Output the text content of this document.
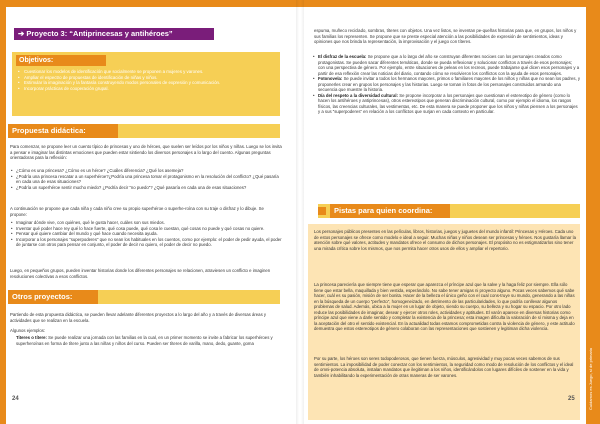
➔ Proyecto 3: “Antiprincesas y antihéroes”
Objetivos:
• Cuestionar los modelos de identificación que socialmente se proponen a mujeres y varones.
• Ampliar el espectro de propuestas de identificación de niñas y niños.
• Estimular la imaginación y la fantasía construyendo modos personales de expresión y comunicación.
• Incorporar prácticas de cooperación grupal.
Propuesta didáctica:

Para comenzar, se propone leer un cuento típico de princesas y uno de héroes, que suelen ser leídos por los niños y niñas. Luego se los invita a pensar e imaginar las distintas emociones que pueden estar sintiendo los diversos personajes a lo largo del cuento. Algunas preguntas orientadoras para la reflexión:

• ¿Cómo es una princesa? ¿Cómo es un héroe? ¿Cuáles diferencia? ¿Qué los asemeja?
• ¿Podría una princesa rescatar a un superhéroe?¿Podría una princesa tomar el protagonismo en la resolución del conflicto? ¿Qué pasaría en cada una de esas situaciones?
• ¿Podría un superhéroe sentir mucho miedo? ¿Podría decir “no puedo”? ¿Qué pasaría en cada una de esas situaciones?

A continuación se propone que cada niña y cada niño cree su propio superhéroe o superhe-roína con su traje o disfraz y lo dibuje. Se propone:

• Imaginar dónde vive, con quiénes, qué le gusta hacer, cuáles son sus miedos.
• Inventar qué poder hace rey qué lo hace fuerte, qué cosa puede, qué cosa le cuestan, qué cosas no puede y qué cosas no quiere.
• Pensar qué quiere cambiar del mundo y qué hace cuando necesita ayuda.
• Incorporar a los personajes “superpoderes” que no sean los habituales en los cuentos, como por ejemplo: el poder de pedir ayuda, el poder de juntarse con otros para pensar en conjunto, el poder de decir no quiero, el poder de decir no puedo.

Luego, en pequeños grupos, pueden inventar historias donde los diferentes personajes se relacionen, atraviesen un conflicto e imaginen resoluciones colectivas a esos conflictos.

Otros proyectos:

Partiendo de esta propuesta didáctica, se pueden llevar adelante diferentes proyectos a lo largo del año y a través de diversas áreas y actividades que se realizan en la escuela.

Algunos ejemplos:

Titeres o títere: Se puede realizar una jornada con las familias en la cual, en un primer momento se invite a fabricar los superhéroes y superheroínas en forma de títere junto a las niñas y niños del curso. Pueden ser títeres de varilla, mano, dedo, guante, goma

24	Cuidarnos es Juego, sí de primaria

espuma, muñeco reciclado, sombras, títeres con objetos. Una vez listos, se inventan pe-queñas historias para que, en grupos, los niños y sus familias los representen. Se propone que se preste especial atención a las posibilidades de expresión de sentimientos, ideas y opiniones que nos brinda la representación, la improvisación y el juego con títeres.

• El disfraz de la escuela: Se propone que a lo largo del año se construyan diferentes nocioes con los personajes creados como protagonistas. Se pueden sacar diferentes temáticas, donde se pueda reflexionar y solucionar conflictos a través de esos personajes; con una perspectiva de género. Por ejemplo, entre situaciones de peleas en los recreos, puede trabajarse qué dicen esos personajes y a partir de esa reflexión crear las noticias del diario, contando cómo se resolvieron los conflictos con la ayuda de esos personajes.
• Fotonovela: Se puede invitar a todos los hermanos mayores, primos o familiares mayores de los niños y niñas que no sean los padres, y proponerles crear en grupos los personajes y las historias. Luego se toman in fotos de los personajes construidos armando una secuencia que muestre la historia.
• Día del respeto a la diversidad cultural: Se propone incorporar a los personajes que cuestionan el estereotipo de género (como lo hacen los antihéroes y antiprincesas), otros estereotipos que generan discriminación cultural, como por ejemplo el idioma, los rasgos físicos, las creencias culturales, las vestimentas, etc. De esta manera se puede proponer que los niños y niñas piensen a los personajes y a sus “superpoderes” en relación a los conflictos que surjan en cada contexto en particular.
Pistas para quien coordina:

Los personajes públicos presentes en las películas, libros, historias, juegos y juguetes del mundo infantil: Princesas y Héroes. Cada uno de estos personajes se ofrece como modelo e ideal a seguir. Muchas niñas y niños desean ser princesas y héroes. Nos gustaría llamar la atención sobre qué valores, actitudes y mandatos ofrece el consumo de dichos personajes. El propósito no es estigmatizarlos sino tener una mirada crítica sobre los mismos, que nos permita hacer otros usos de ellos y ampliar el repertorio.

La princesa pareciería que siempre tiene que esperar que aparezca el príncipe azul que la salve y la haga feliz por siempre. Ella sólo tiene que estar bella, maquillada y bien vestida, esperándolo. No sabe tener amigas ni proyecto alguno. Pocas veces sabemos qué sabe hacer, cuál es su pasión, misión de ser bonita. Hacer de la belleza el único geño con el cual cons-truye su mundo, generando a las niñas en la búsqueda de un cuerpo “perfecto”, homogeneizado, en detrimento de las particularidades, lo que podría conllevar algunos problemas de salud. Además, ubica a la mujer en un lugar de objeto, siendo su cuerpo, su belleza y su hogar su espacio. Por otro lado reduce las posibilidades de imaginar, desear y ejercer otros roles, actividades y aptitudes. El varón aparece en diversas historias como príncipe azul que viene a darle sentido y completar la existencia de la princesa; esta imagen dificulta la valoración de sí misma y deja en la aceptación del otro el sentido existencial. En la actualidad todas estamos comprometidas contra la violencia de género, y este actitudo demuestra que estos estereotipos de género colaboran con las representaciones que sostienen y legitiman dicha violencia.

Por su parte, los héroes son seres todopoderosos, que tienen fuerza, músculos, agresividad y muy pocas veces sabemos de sus sentimientos. La imposibilidad de poder conectar con los sentimientos, la seguridad como modo de resolución de los conflictos y el ideal de omni-potencia absoluta, instalan mandatos que ilegitiman a los niños, identificándolos con lugares difíciles de sostener en la vida y también inhabilitando la experimentación de otras maneras de ser varones.

25
